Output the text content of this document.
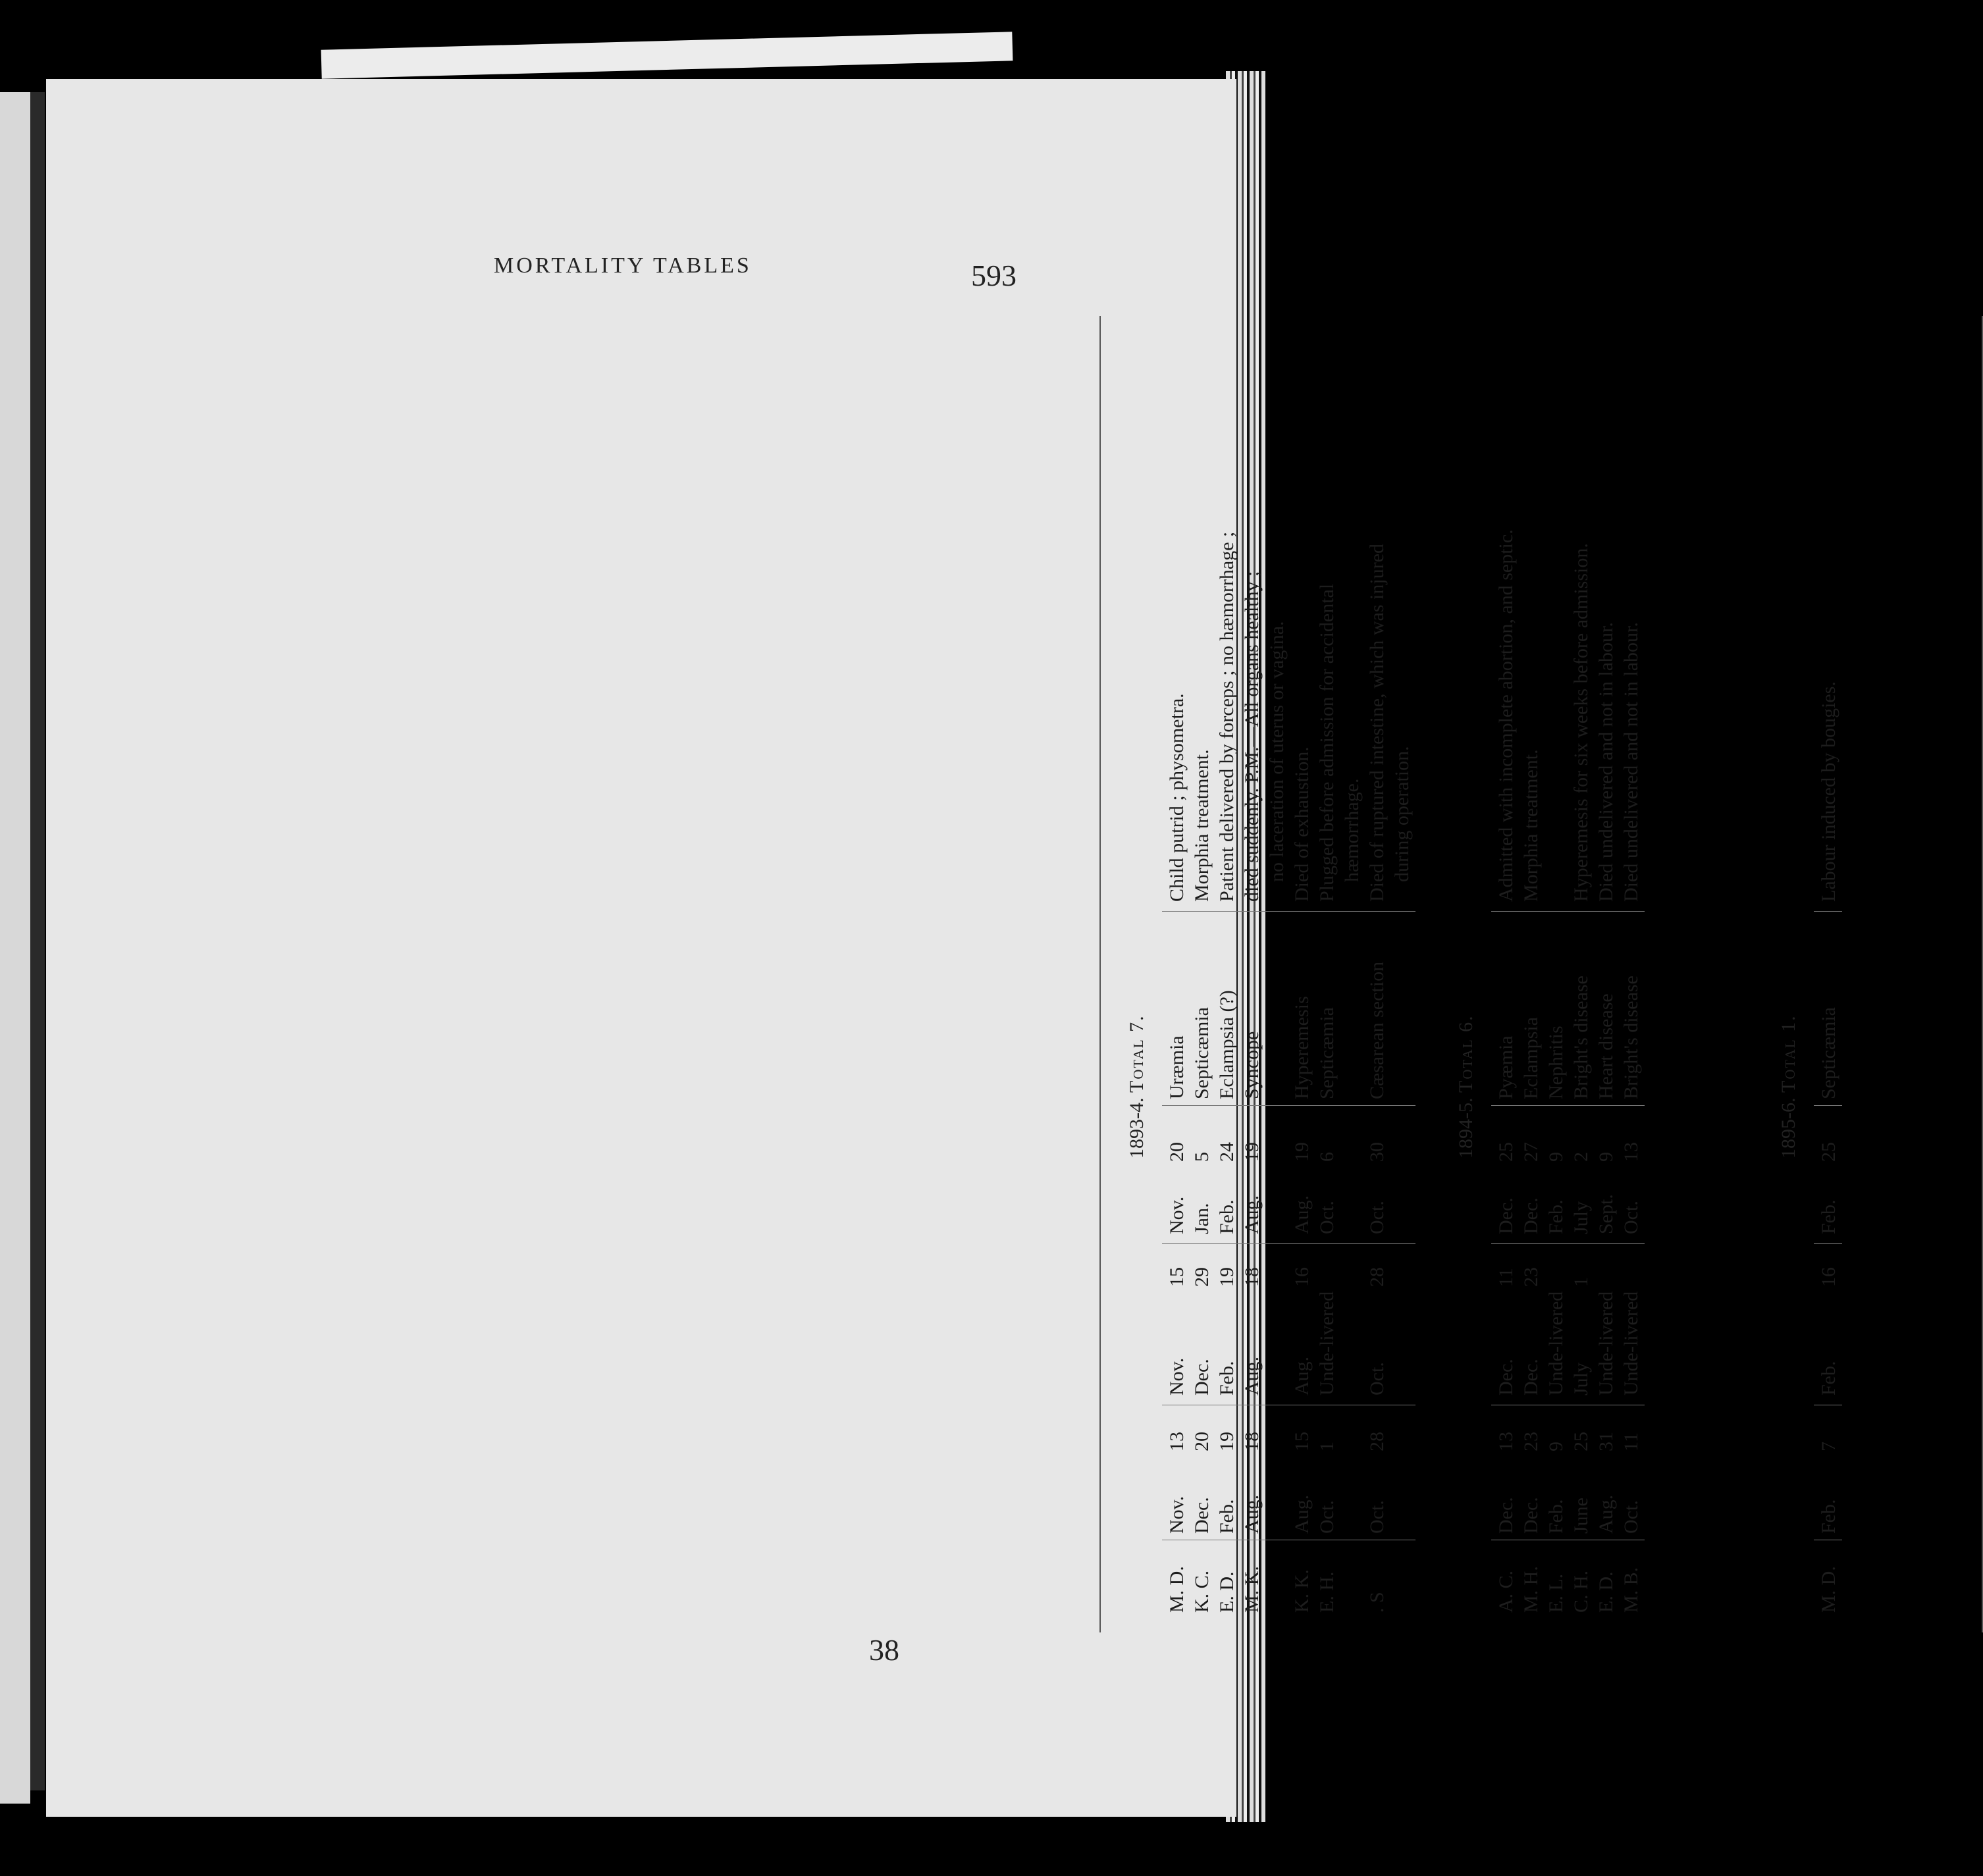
MORTALITY TABLES	593
38
1893-4. Total 7.
M. D.
Nov.
13
Nov.
15
Nov.
20
Uræmia
Child putrid ; physometra.
K. C.
Dec.
20
Dec.
29
Jan.
5
Septicæmia
Morphia treatment.
E. D.
Feb.
19
Feb.
19
Feb.
24
Eclampsia (?)
Patient delivered by forceps ; no hæmorrhage ;
M. K.
Aug.
18
Aug.
18
Aug.
19
Syncope
died suddenly. P.M.—All organs healthy ; no laceration of uterus or vagina.
K. K.
Aug.
15
Aug.
16
Aug.
19
Hyperemesis
Died of exhaustion.
E. H.
Oct.
1
Unde-livered
Oct.
6
Septicæmia
Plugged before admission for accidental hæmorrhage.
. S
Oct.
28
Oct.
28
Oct.
30
Cæsarean section
Died of ruptured intestine, which was injured during operation.
1894-5. Total 6.
A. C.
Dec.
13
Dec.
11
Dec.
25
Pyæmia
Admitted with incomplete abortion, and septic.
M. H.
Dec.
23
Dec.
23
Dec.
27
Eclampsia
Morphia treatment.
E. L.
Feb.
9
Unde-livered
Feb.
9
Nephritis
C. H.
June
25
July
1
July
2
Bright's disease
Hyperemesis for six weeks before admission.
E. D.
Aug.
31
Unde-livered
Sept.
9
Heart disease
Died undelivered and not in labour.
M. B.
Oct.
11
Unde-livered
Oct.
13
Bright's disease
Died undelivered and not in labour.
1895-6. Total 1.
M. D.
Feb.
7
Feb.
16
Feb.
25
Septicæmia
Labour induced by bougies.
